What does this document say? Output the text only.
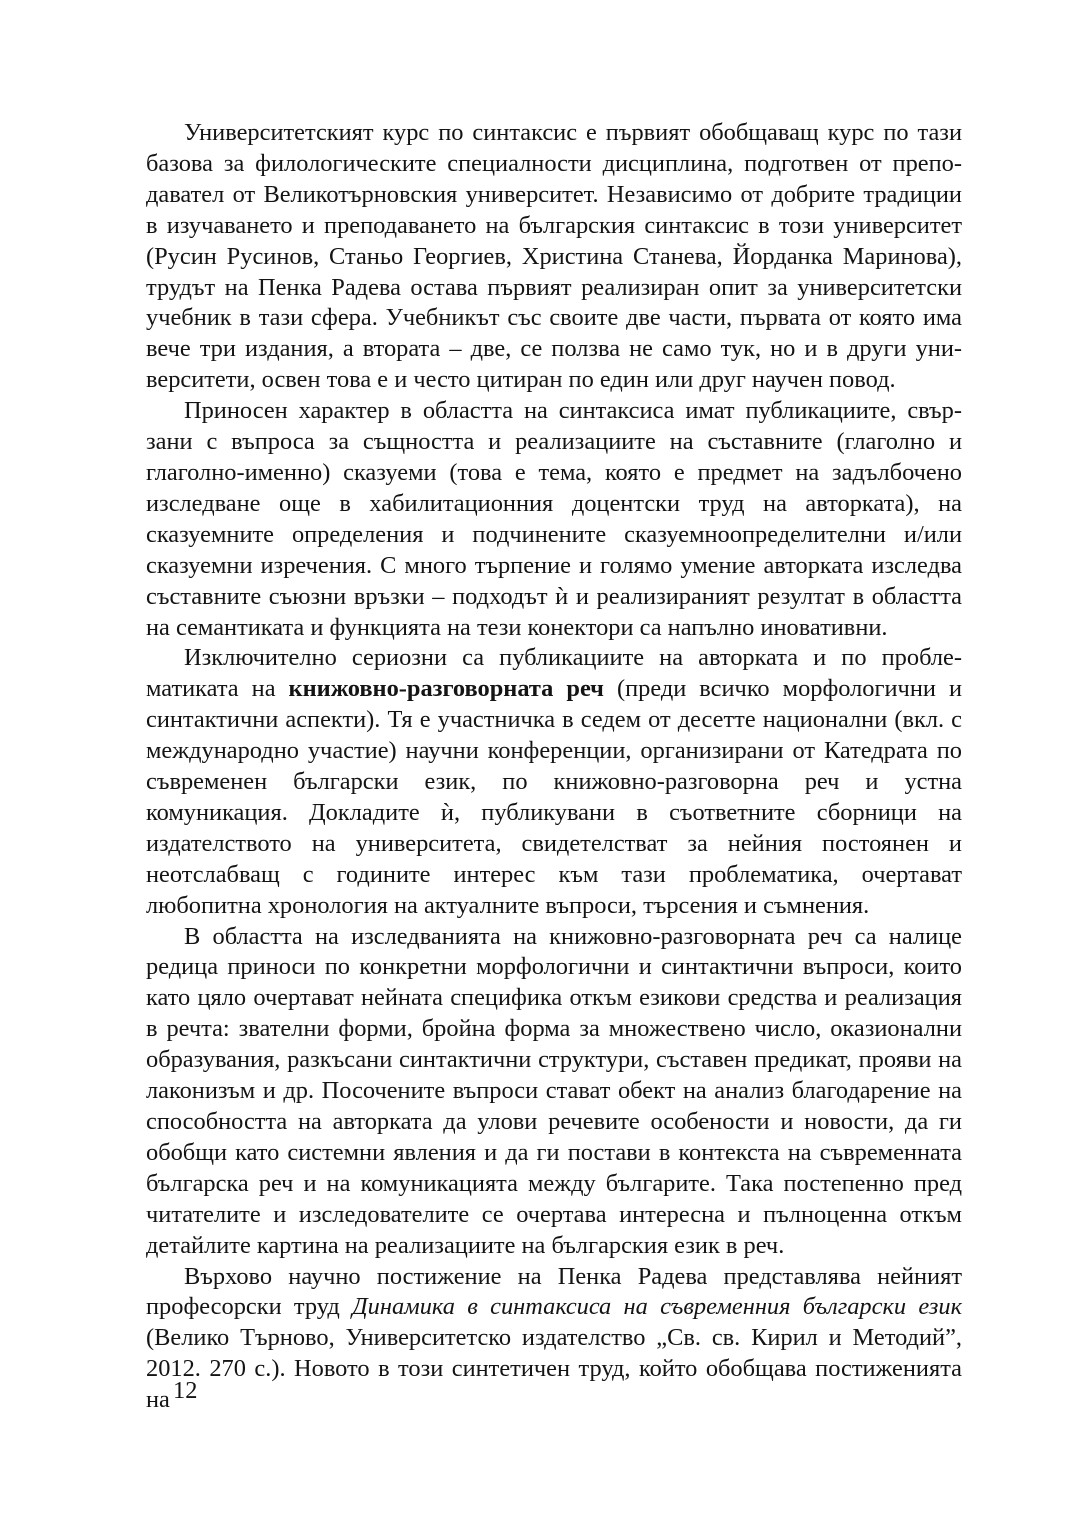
Университетският курс по синтаксис е първият обобщаващ курс по тази базова за филологическите специалности дисциплина, подготвен от преподавател от Великотърновския университет. Независимо от добрите традиции в изучаването и преподаването на българския синтаксис в този университет (Русин Русинов, Станьо Георгиев, Христина Станева, Йорданка Маринова), трудът на Пенка Радева остава първият реализиран опит за университетски учебник в тази сфера. Учебникът със своите две части, първата от която има вече три издания, а втората – две, се ползва не само тук, но и в други университети, освен това е и често цитиран по един или друг научен повод.

Приносен характер в областта на синтаксиса имат публикациите, свързани с въпроса за същността и реализациите на съставните (глаголно и глаголно-именно) сказуеми (това е тема, която е предмет на задълбочено изследване още в хабилитационния доцентски труд на авторката), на сказуемните определения и подчинените сказуемноопределителни и/или сказуемни изречения. С много търпение и голямо умение авторката изследва съставните съюзни връзки – подходът ѝ и реализираният резултат в областта на семантиката и функцията на тези конектори са напълно иновативни.

Изключително сериозни са публикациите на авторката и по проблематиката на книжовно-разговорната реч (преди всичко морфологични и синтактични аспекти). Тя е участничка в седем от десетте национални (вкл. с международно участие) научни конференции, организирани от Катедрата по съвременен български език, по книжовно-разговорна реч и устна комуникация. Докладите ѝ, публикувани в съответните сборници на издателството на университета, свидетелстват за нейния постоянен и неотслабващ с годините интерес към тази проблематика, очертават любопитна хронология на актуалните въпроси, търсения и съмнения.

В областта на изследванията на книжовно-разговорната реч са налице редица приноси по конкретни морфологични и синтактични въпроси, които като цяло очертават нейната специфика откъм езикови средства и реализация в речта: звателни форми, бройна форма за множествено число, оказионални образувания, разкъсани синтактични структури, съставен предикат, прояви на лаконизъм и др. Посочените въпроси стават обект на анализ благодарение на способността на авторката да улови речевите особености и новости, да ги обобщи като системни явления и да ги постави в контекста на съвременната българска реч и на комуникацията между българите. Така постепенно пред читателите и изследователите се очертава интересна и пълноценна откъм детайлите картина на реализациите на българския език в реч.

Върхово научно постижение на Пенка Радева представлява нейният професорски труд Динамика в синтаксиса на съвременния български език (Велико Търново, Университетско издателство „Св. св. Кирил и Методий”, 2012. 270 с.). Новото в този синтетичен труд, който обобщава постиженията на 12
